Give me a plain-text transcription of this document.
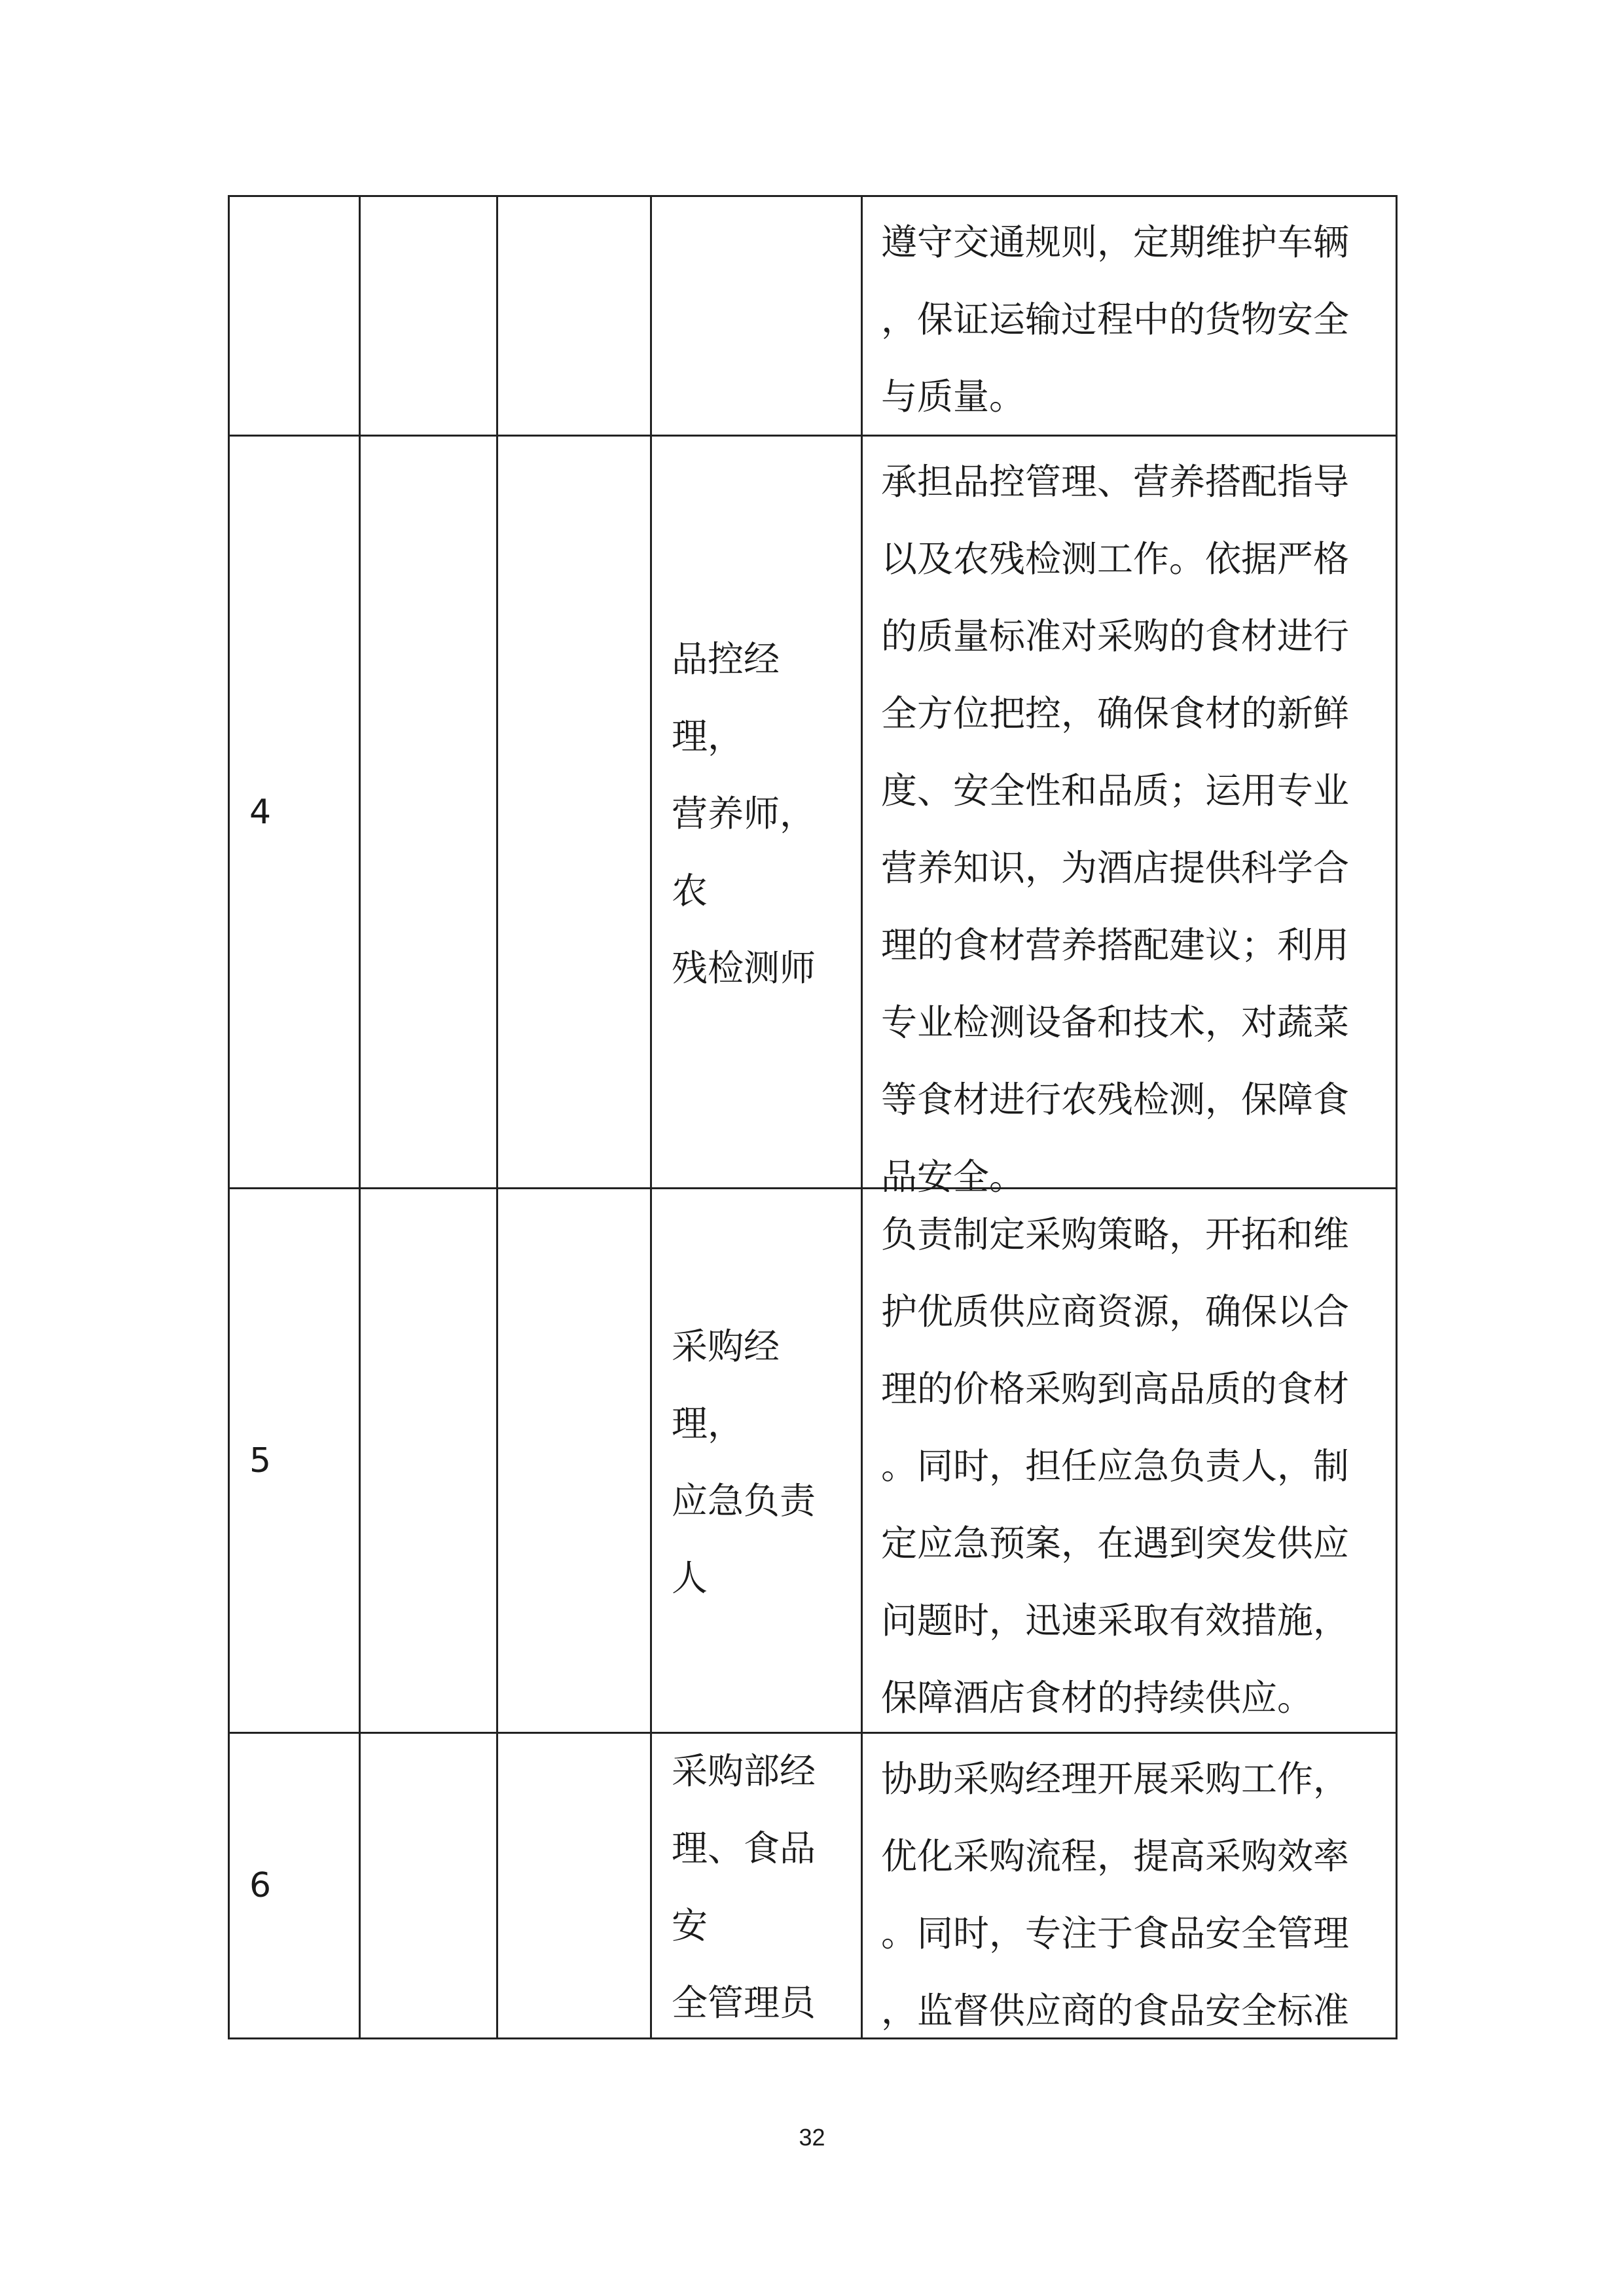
遵守交通规则，定期维护车辆

，保证运输过程中的货物安全

与质量。

4
品控经理，
营养师，农
残检测师

承担品控管理、营养搭配指导

以及农残检测工作。依据严格

的质量标准对采购的食材进行

全方位把控，确保食材的新鲜

度、安全性和品质；运用专业

营养知识，为酒店提供科学合

理的食材营养搭配建议；利用

专业检测设备和技术，对蔬菜

等食材进行农残检测，保障食

品安全。

5
采购经理，
应急负责
人

负责制定采购策略，开拓和维

护优质供应商资源，确保以合

理的价格采购到高品质的食材

。同时，担任应急负责人，制

定应急预案，在遇到突发供应

问题时，迅速采取有效措施，

保障酒店食材的持续供应。

6
采购部经
理、食品安
全管理员

协助采购经理开展采购工作，

优化采购流程，提高采购效率

。同时，专注于食品安全管理

，监督供应商的食品安全标准

32
